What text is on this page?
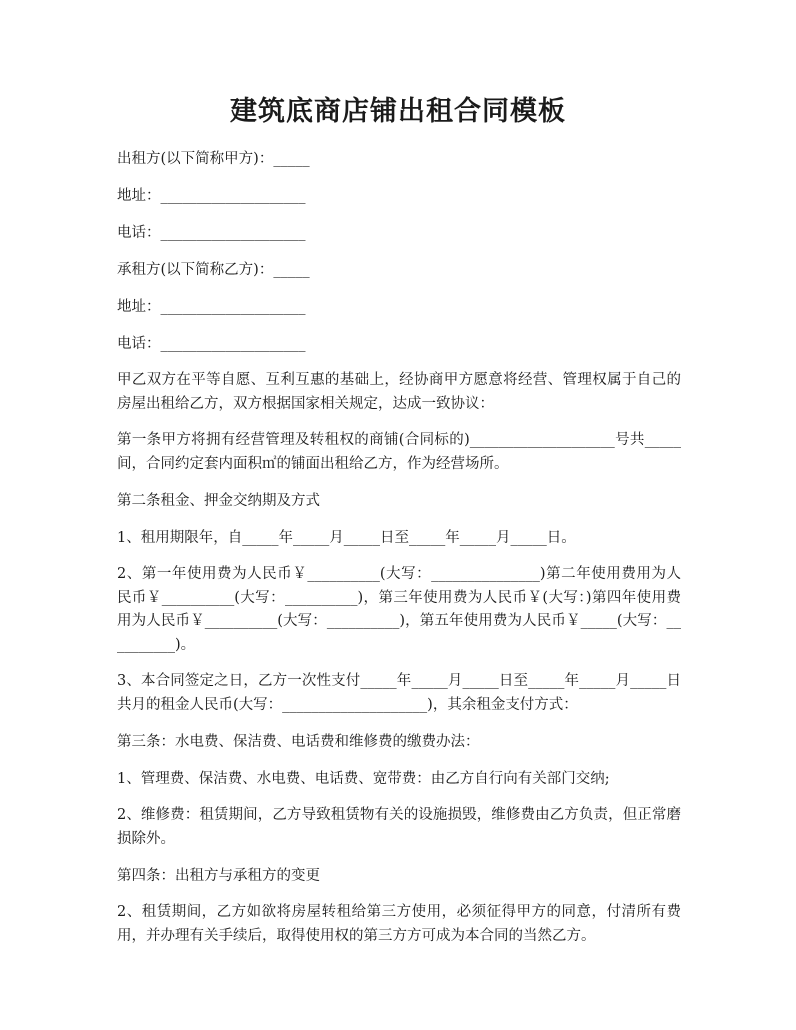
建筑底商店铺出租合同模板

出租方(以下简称甲方)：_____

地址：____________________

电话：____________________

承租方(以下简称乙方)：_____

地址：____________________

电话：____________________

甲乙双方在平等自愿、互利互惠的基础上，经协商甲方愿意将经营、管理权属于自己的房屋出租给乙方，双方根据国家相关规定，达成一致协议：

第一条甲方将拥有经营管理及转租权的商铺(合同标的)____________________号共_____间，合同约定套内面积㎡的铺面出租给乙方，作为经营场所。

第二条租金、押金交纳期及方式

1、租用期限年，自_____年_____月_____日至_____年_____月_____日。

2、第一年使用费为人民币￥__________(大写：_______________)第二年使用费用为人民币￥__________(大写：__________)，第三年使用费为人民币￥(大写：)第四年使用费用为人民币￥__________(大写：__________)，第五年使用费为人民币￥_____(大写：__________)。

3、本合同签定之日，乙方一次性支付_____年_____月_____日至_____年_____月_____日共月的租金人民币(大写：____________________)，其余租金支付方式：

第三条：水电费、保洁费、电话费和维修费的缴费办法：

1、管理费、保洁费、水电费、电话费、宽带费：由乙方自行向有关部门交纳;

2、维修费：租赁期间，乙方导致租赁物有关的设施损毁，维修费由乙方负责，但正常磨损除外。

第四条：出租方与承租方的变更

2、租赁期间，乙方如欲将房屋转租给第三方使用，必须征得甲方的同意，付清所有费用，并办理有关手续后，取得使用权的第三方方可成为本合同的当然乙方。
